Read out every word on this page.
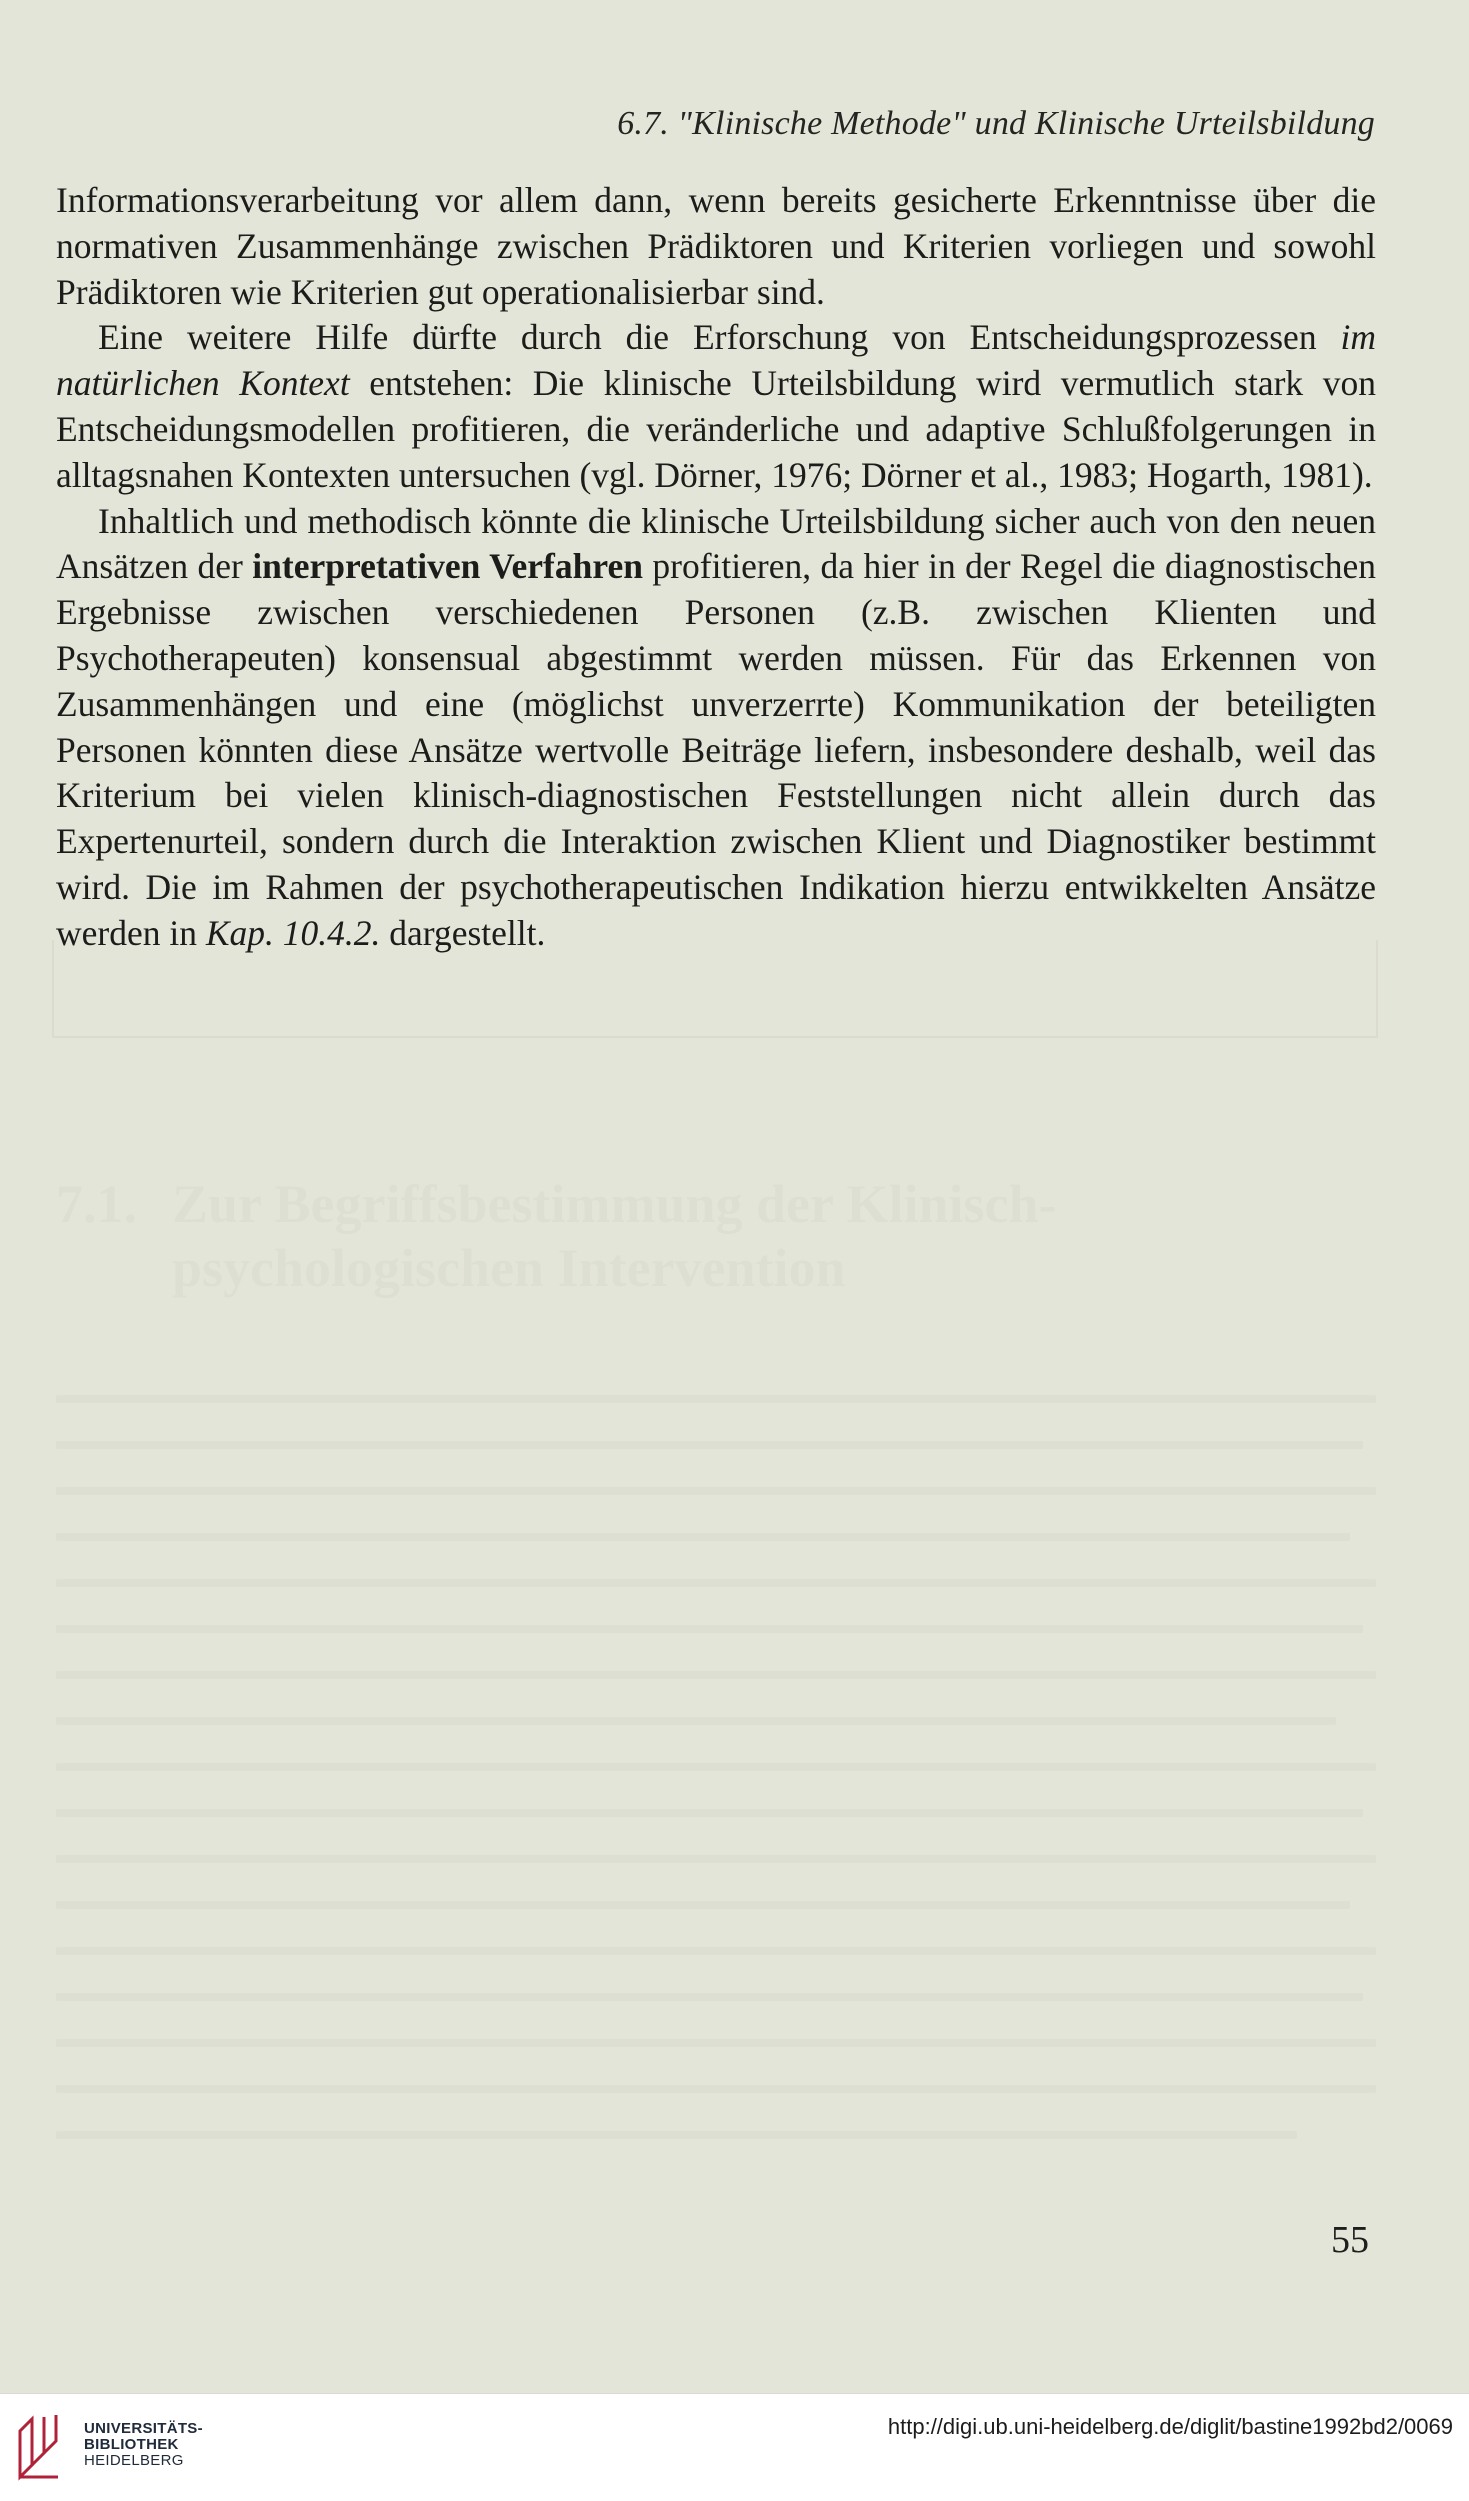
6.7. "Klinische Methode" und Klinische Urteilsbildung

Informationsverarbeitung vor allem dann, wenn bereits gesicherte Erkenntnisse über die normativen Zusammenhänge zwischen Prädiktoren und Kriterien vorliegen und sowohl Prädiktoren wie Kriterien gut operationalisierbar sind.

Eine weitere Hilfe dürfte durch die Erforschung von Entscheidungsprozessen im natürlichen Kontext entstehen: Die klinische Urteilsbildung wird vermutlich stark von Entscheidungsmodellen profitieren, die veränderliche und adaptive Schlußfolgerungen in alltagsnahen Kontexten untersuchen (vgl. Dörner, 1976; Dörner et al., 1983; Hogarth, 1981).

Inhaltlich und methodisch könnte die klinische Urteilsbildung sicher auch von den neuen Ansätzen der interpretativen Verfahren profitieren, da hier in der Regel die diagnostischen Ergebnisse zwischen verschiedenen Personen (z.B. zwischen Klienten und Psychotherapeuten) konsensual abgestimmt werden müssen. Für das Erkennen von Zusammenhängen und eine (möglichst unverzerrte) Kommunikation der beteiligten Personen könnten diese Ansätze wertvolle Beiträge liefern, insbesondere deshalb, weil das Kriterium bei vielen klinisch-diagnostischen Feststellungen nicht allein durch das Expertenurteil, sondern durch die Interaktion zwischen Klient und Diagnostiker bestimmt wird. Die im Rahmen der psychotherapeutischen Indikation hierzu entwikkelten Ansätze werden in Kap. 10.4.2. dargestellt.

7.1. Zur Begriffsbestimmung der Klinisch-
psychologischen Intervention
55
UNIVERSITÄTS-
BIBLIOTHEK
HEIDELBERG
http://digi.ub.uni-heidelberg.de/diglit/bastine1992bd2/0069
